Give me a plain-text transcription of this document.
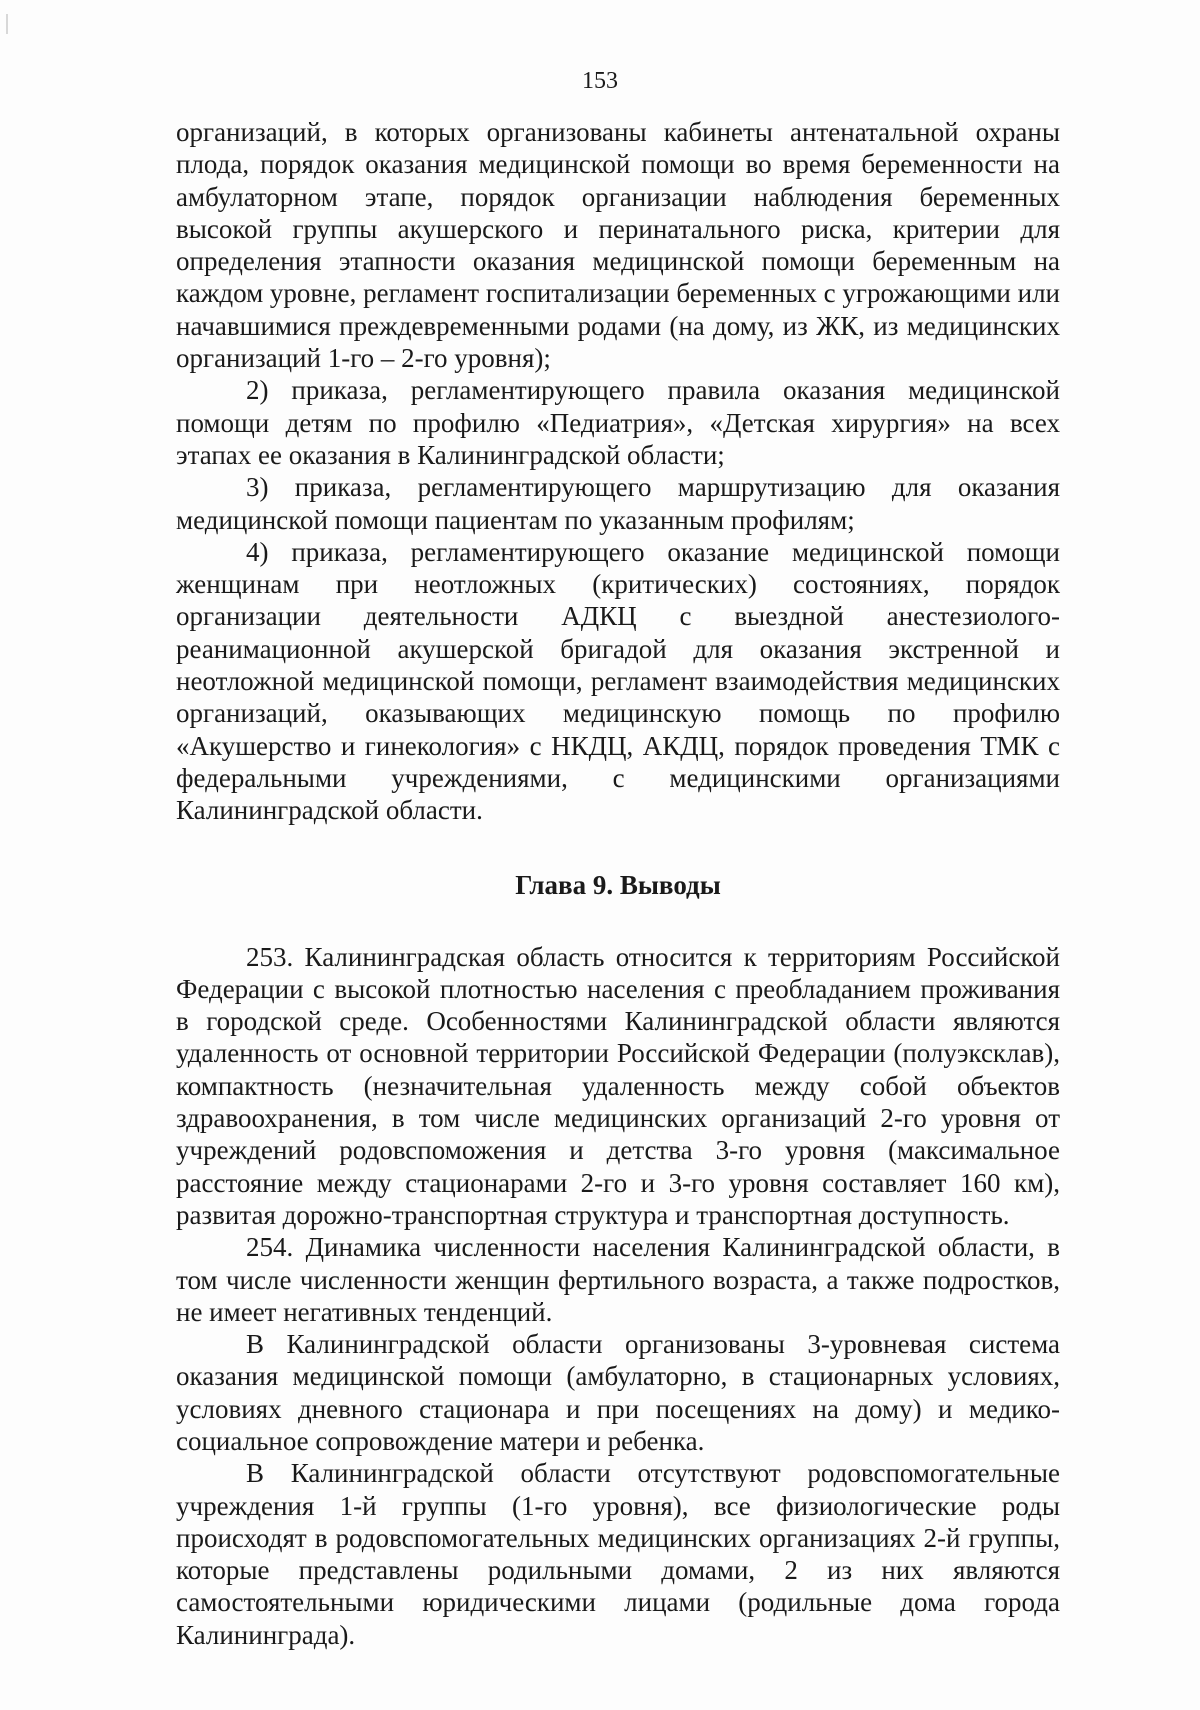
153

организаций, в которых организованы кабинеты антенатальной охраны плода, порядок оказания медицинской помощи во время беременности на амбулаторном этапе, порядок организации наблюдения беременных высокой группы акушерского и перинатального риска, критерии для определения этапности оказания медицинской помощи беременным на каждом уровне, регламент госпитализации беременных с угрожающими или начавшимися преждевременными родами (на дому, из ЖК, из медицинских организаций 1-го – 2-го уровня);

2) приказа, регламентирующего правила оказания медицинской помощи детям по профилю «Педиатрия», «Детская хирургия» на всех этапах ее оказания в Калининградской области;

3) приказа, регламентирующего маршрутизацию для оказания медицинской помощи пациентам по указанным профилям;

4) приказа, регламентирующего оказание медицинской помощи женщинам при неотложных (критических) состояниях, порядок организации деятельности АДКЦ с выездной анестезиолого-реанимационной акушерской бригадой для оказания экстренной и неотложной медицинской помощи, регламент взаимодействия медицинских организаций, оказывающих медицинскую помощь по профилю «Акушерство и гинекология» с НКДЦ, АКДЦ, порядок проведения ТМК с федеральными учреждениями, с медицинскими организациями Калининградской области.

Глава 9. Выводы

253. Калининградская область относится к территориям Российской Федерации с высокой плотностью населения с преобладанием проживания в городской среде. Особенностями Калининградской области являются удаленность от основной территории Российской Федерации (полуэксклав), компактность (незначительная удаленность между собой объектов здравоохранения, в том числе медицинских организаций 2-го уровня от учреждений родовспоможения и детства 3-го уровня (максимальное расстояние между стационарами 2-го и 3-го уровня составляет 160 км), развитая дорожно-транспортная структура и транспортная доступность.

254. Динамика численности населения Калининградской области, в том числе численности женщин фертильного возраста, а также подростков, не имеет негативных тенденций.

В Калининградской области организованы 3-уровневая система оказания медицинской помощи (амбулаторно, в стационарных условиях, условиях дневного стационара и при посещениях на дому) и медико-социальное сопровождение матери и ребенка.

В Калининградской области отсутствуют родовспомогательные учреждения 1-й группы (1-го уровня), все физиологические роды происходят в родовспомогательных медицинских организациях 2-й группы, которые представлены родильными домами, 2 из них являются самостоятельными юридическими лицами (родильные дома города Калининграда).
